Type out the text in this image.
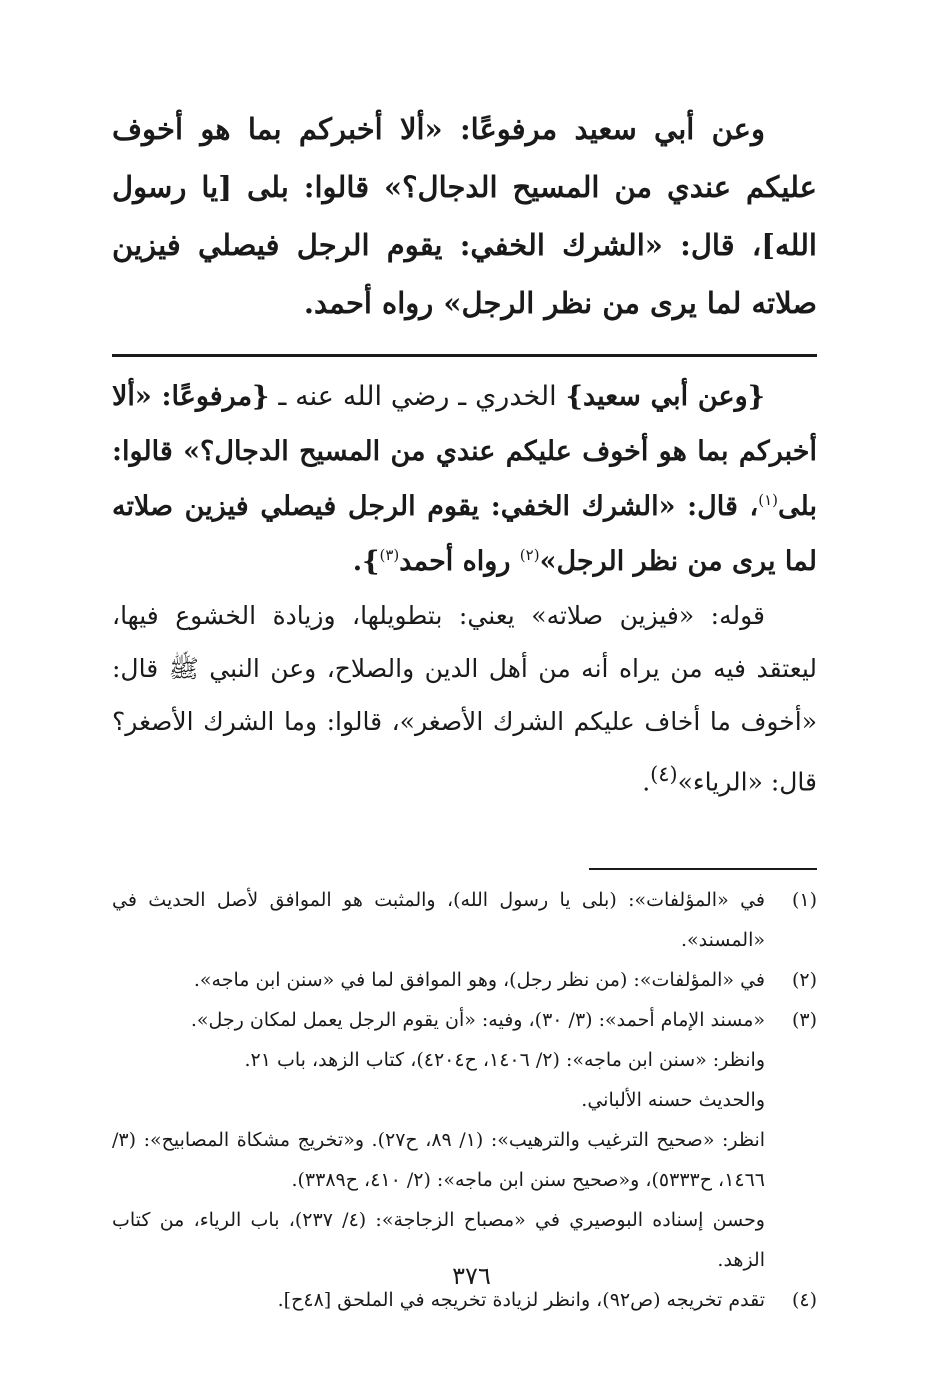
وعن أبي سعيد مرفوعًا: «ألا أخبركم بما هو أخوف عليكم عندي من المسيح الدجال؟» قالوا: بلى [يا رسول الله]، قال: «الشرك الخفي: يقوم الرجل فيصلي فيزين صلاته لما يرى من نظر الرجل» رواه أحمد.

{وعن أبي سعيد} الخدري ـ رضي الله عنه ـ {مرفوعًا: «ألا أخبركم بما هو أخوف عليكم عندي من المسيح الدجال؟» قالوا: بلى$^{(١)}$، قال: «الشرك الخفي: يقوم الرجل فيصلي فيزين صلاته لما يرى من نظر الرجل»$^{(٢)}$ رواه أحمد$^{(٣)}$}.

قوله: «فيزين صلاته» يعني: بتطويلها، وزيادة الخشوع فيها، ليعتقد فيه من يراه أنه من أهل الدين والصلاح، وعن النبي ﷺ قال: «أخوف ما أخاف عليكم الشرك الأصغر»، قالوا: وما الشرك الأصغر؟ قال: «الرياء»$^{(٤)}$.

(١)
في «المؤلفات»: (بلى يا رسول الله)، والمثبت هو الموافق لأصل الحديث في «المسند».
(٢)
في «المؤلفات»: (من نظر رجل)، وهو الموافق لما في «سنن ابن ماجه».
(٣)
«مسند الإمام أحمد»: (٣/ ٣٠)، وفيه: «أن يقوم الرجل يعمل لمكان رجل».

وانظر: «سنن ابن ماجه»: (٢/ ١٤٠٦، ح٤٢٠٤)، كتاب الزهد، باب ٢١.

والحديث حسنه الألباني.

انظر: «صحيح الترغيب والترهيب»: (١/ ٨٩، ح٢٧). و«تخريج مشكاة المصابيح»: (٣/ ١٤٦٦، ح٥٣٣٣)، و«صحيح سنن ابن ماجه»: (٢/ ٤١٠، ح٣٣٨٩).

وحسن إسناده البوصيري في «مصباح الزجاجة»: (٤/ ٢٣٧)، باب الرياء، من كتاب الزهد.

(٤)
تقدم تخريجه (ص٩٢)، وانظر لزيادة تخريجه في الملحق [٤٨ح].
٣٧٦
